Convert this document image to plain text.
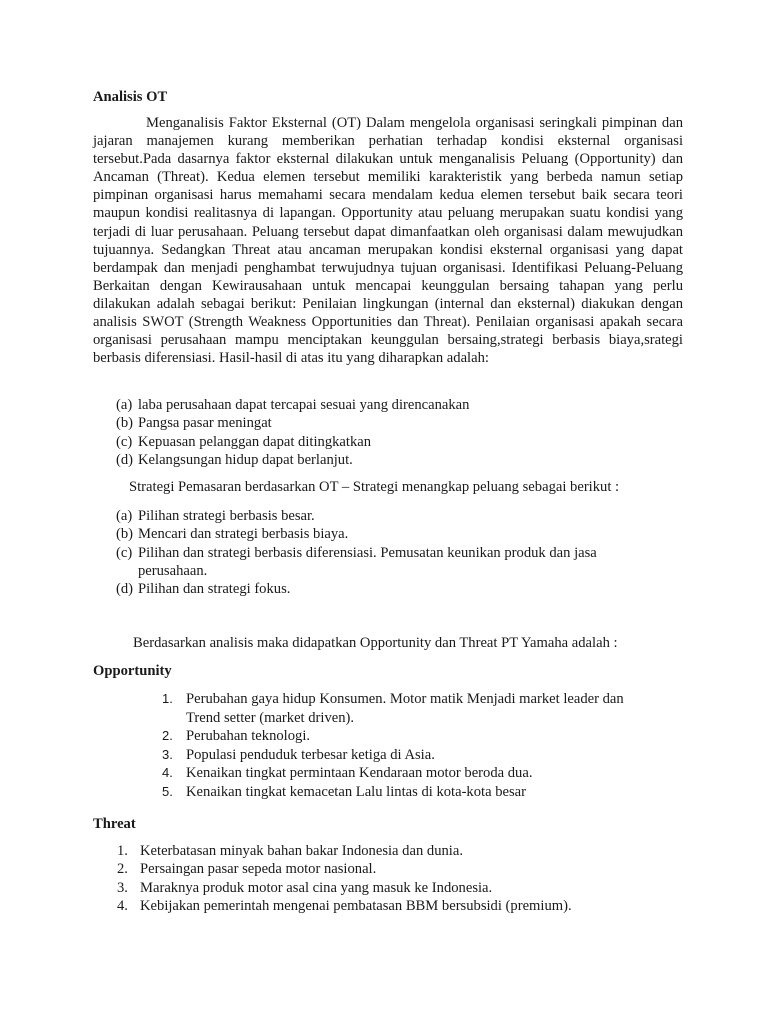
Analisis OT

Menganalisis Faktor Eksternal (OT) Dalam mengelola organisasi seringkali pimpinan dan jajaran manajemen kurang memberikan perhatian terhadap kondisi eksternal organisasi tersebut.Pada dasarnya faktor eksternal dilakukan untuk menganalisis Peluang (Opportunity) dan Ancaman (Threat). Kedua elemen tersebut memiliki karakteristik yang berbeda namun setiap pimpinan organisasi harus memahami secara mendalam kedua elemen tersebut baik secara teori maupun kondisi realitasnya di lapangan. Opportunity atau peluang merupakan suatu kondisi yang terjadi di luar perusahaan. Peluang tersebut dapat dimanfaatkan oleh organisasi dalam mewujudkan tujuannya. Sedangkan Threat atau ancaman merupakan kondisi eksternal organisasi yang dapat berdampak dan menjadi penghambat terwujudnya tujuan organisasi. Identifikasi Peluang-Peluang Berkaitan dengan Kewirausahaan untuk mencapai keunggulan bersaing tahapan yang perlu dilakukan adalah sebagai berikut: Penilaian lingkungan (internal dan eksternal) diakukan dengan analisis SWOT (Strength Weakness Opportunities dan Threat). Penilaian organisasi apakah secara organisasi perusahaan mampu menciptakan keunggulan bersaing,strategi berbasis biaya,srategi berbasis diferensiasi. Hasil-hasil di atas itu yang diharapkan adalah:

(a) laba perusahaan dapat tercapai sesuai yang direncanakan
(b) Pangsa pasar meningat
(c) Kepuasan pelanggan dapat ditingkatkan
(d) Kelangsungan hidup dapat berlanjut.
Strategi Pemasaran berdasarkan OT – Strategi menangkap peluang sebagai berikut :
(a) Pilihan strategi berbasis besar.
(b) Mencari dan strategi berbasis biaya.
(c) Pilihan dan strategi berbasis diferensiasi. Pemusatan keunikan produk dan jasa perusahaan.
(d) Pilihan dan strategi fokus.
Berdasarkan analisis maka didapatkan Opportunity dan Threat PT Yamaha adalah :
Opportunity
1. Perubahan gaya hidup Konsumen. Motor matik Menjadi market leader dan Trend setter (market driven).
2. Perubahan teknologi.
3. Populasi penduduk terbesar ketiga di Asia.
4. Kenaikan tingkat permintaan Kendaraan motor beroda dua.
5. Kenaikan tingkat kemacetan Lalu lintas di kota-kota besar
Threat
1. Keterbatasan minyak bahan bakar Indonesia dan dunia.
2. Persaingan pasar sepeda motor nasional.
3. Maraknya produk motor asal cina yang masuk ke Indonesia.
4. Kebijakan pemerintah mengenai pembatasan BBM bersubsidi (premium).
